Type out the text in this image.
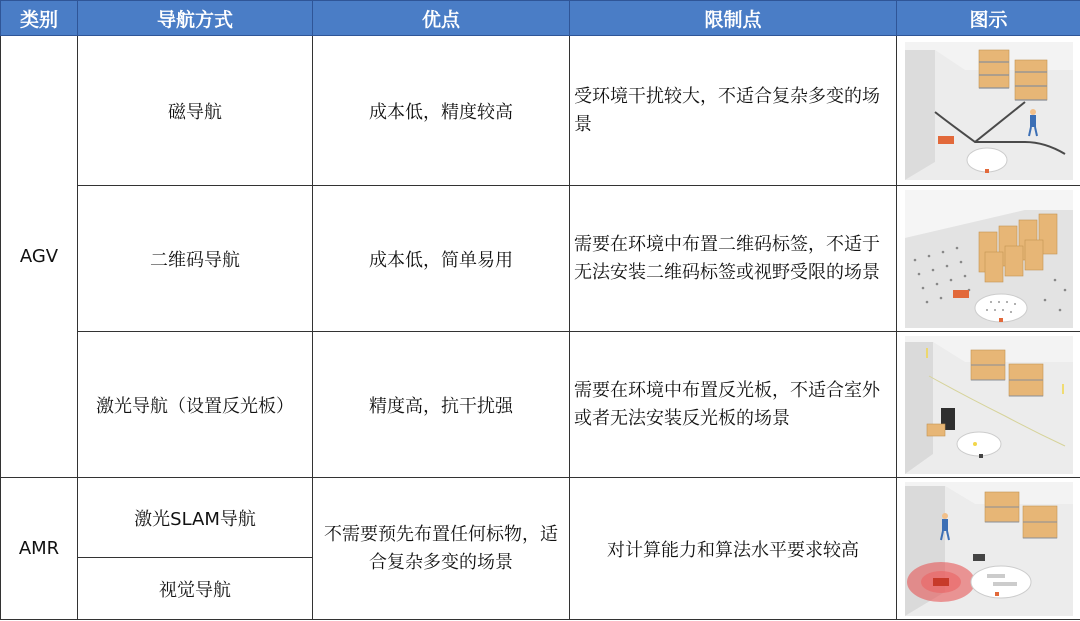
类别	导航方式	优点	限制点	图示
AGV	磁导航	成本低，精度较高	受环境干扰较大，不适合复杂多变的场景	

	二维码导航	成本低，简单易用	需要在环境中布置二维码标签，不适于无法安装二维码标签或视野受限的场景	

	激光导航（设置反光板）	精度高，抗干扰强	需要在环境中布置反光板，不适合室外或者无法安装反光板的场景	

AMR	激光SLAM导航	不需要预先布置任何标物，适合复杂多变的场景	对计算能力和算法水平要求较高	

	视觉导航			
